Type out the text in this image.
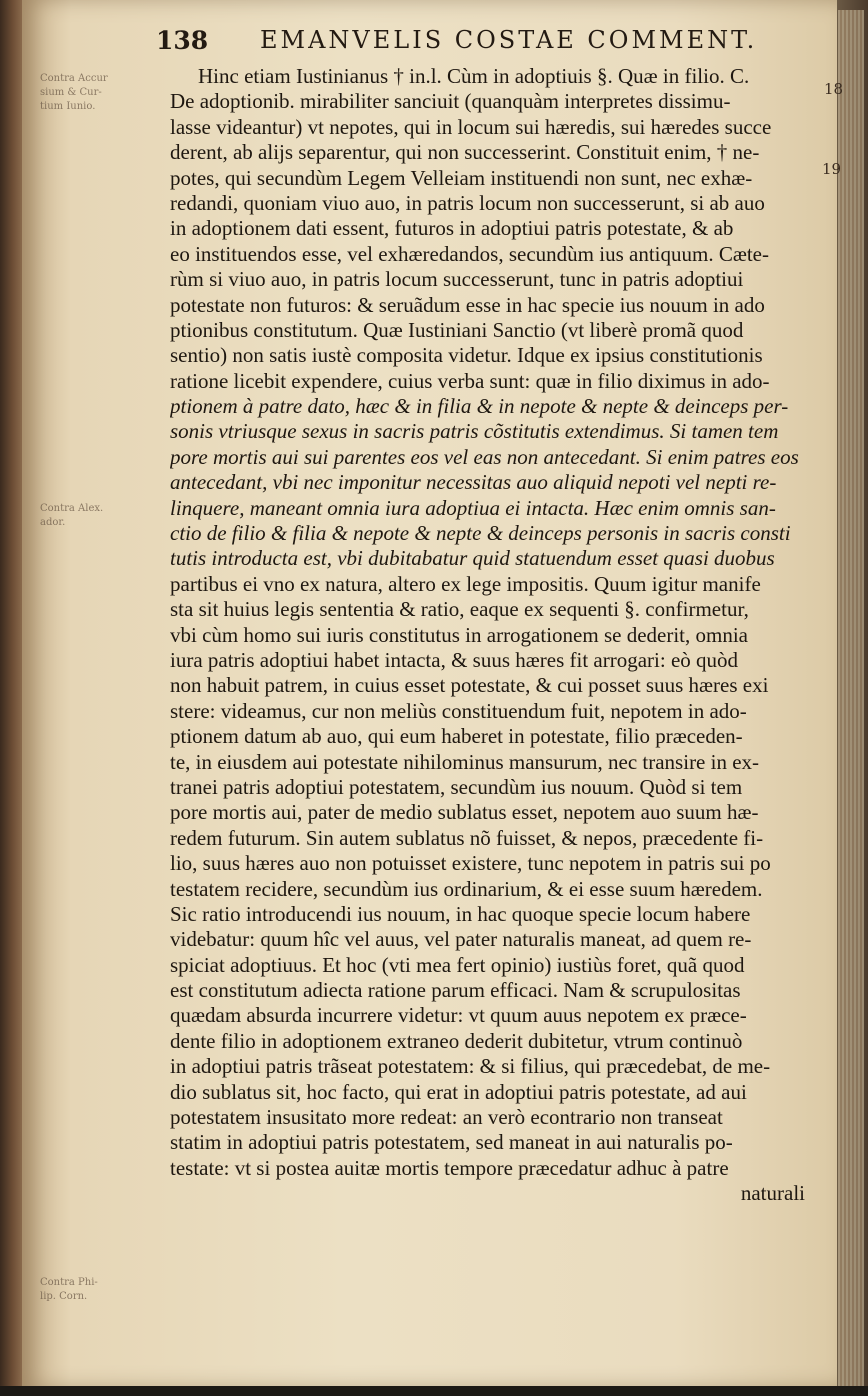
138 EMANVELIS COSTAE COMMENT.
Contra Accur
sium & Cur-
tium Iunio.
Contra Alex.
ador.
Contra Phi-
lip. Corn.
18
19
Hinc etiam Iustinianus † in.l. Cùm in adoptiuis §. Quæ in filio. C.
De adoptionib. mirabiliter sanciuit (quanquàm interpretes dissimu-
lasse videantur) vt nepotes, qui in locum sui hæredis, sui hæredes succe
derent, ab alijs separentur, qui non successerint. Constituit enim, † ne-
potes, qui secundùm Legem Velleiam instituendi non sunt, nec exhæ-
redandi, quoniam viuo auo, in patris locum non successerunt, si ab auo
in adoptionem dati essent, futuros in adoptiui patris potestate, & ab
eo instituendos esse, vel exhæredandos, secundùm ius antiquum. Cæte-
rùm si viuo auo, in patris locum successerunt, tunc in patris adoptiui
potestate non futuros: & seruãdum esse in hac specie ius nouum in ado
ptionibus constitutum. Quæ Iustiniani Sanctio (vt liberè promã quod
sentio) non satis iustè composita videtur. Idque ex ipsius constitutionis
ratione licebit expendere, cuius verba sunt: quæ in filio diximus in ado-
ptionem à patre dato, hæc & in filia & in nepote & nepte & deinceps per-
sonis vtriusque sexus in sacris patris cõstitutis extendimus. Si tamen tem
pore mortis aui sui parentes eos vel eas non antecedant. Si enim patres eos
antecedant, vbi nec imponitur necessitas auo aliquid nepoti vel nepti re-
linquere, maneant omnia iura adoptiua ei intacta. Hæc enim omnis san-
ctio de filio & filia & nepote & nepte & deinceps personis in sacris consti
tutis introducta est, vbi dubitabatur quid statuendum esset quasi duobus
partibus ei vno ex natura, altero ex lege impositis. Quum igitur manife
sta sit huius legis sententia & ratio, eaque ex sequenti §. confirmetur,
vbi cùm homo sui iuris constitutus in arrogationem se dederit, omnia
iura patris adoptiui habet intacta, & suus hæres fit arrogari: eò quòd
non habuit patrem, in cuius esset potestate, & cui posset suus hæres exi
stere: videamus, cur non meliùs constituendum fuit, nepotem in ado-
ptionem datum ab auo, qui eum haberet in potestate, filio præceden-
te, in eiusdem aui potestate nihilominus mansurum, nec transire in ex-
tranei patris adoptiui potestatem, secundùm ius nouum. Quòd si tem
pore mortis aui, pater de medio sublatus esset, nepotem auo suum hæ-
redem futurum. Sin autem sublatus nõ fuisset, & nepos, præcedente fi-
lio, suus hæres auo non potuisset existere, tunc nepotem in patris sui po
testatem recidere, secundùm ius ordinarium, & ei esse suum hæredem.
Sic ratio introducendi ius nouum, in hac quoque specie locum habere
videbatur: quum hîc vel auus, vel pater naturalis maneat, ad quem re-
spiciat adoptiuus. Et hoc (vti mea fert opinio) iustiùs foret, quã quod
est constitutum adiecta ratione parum efficaci. Nam & scrupulositas
quædam absurda incurrere videtur: vt quum auus nepotem ex præce-
dente filio in adoptionem extraneo dederit dubitetur, vtrum continuò
in adoptiui patris trãseat potestatem: & si filius, qui præcedebat, de me-
dio sublatus sit, hoc facto, qui erat in adoptiui patris potestate, ad aui
potestatem insusitato more redeat: an verò econtrario non transeat
statim in adoptiui patris potestatem, sed maneat in aui naturalis po-
testate: vt si postea auitæ mortis tempore præcedatur adhuc à patre
naturali
